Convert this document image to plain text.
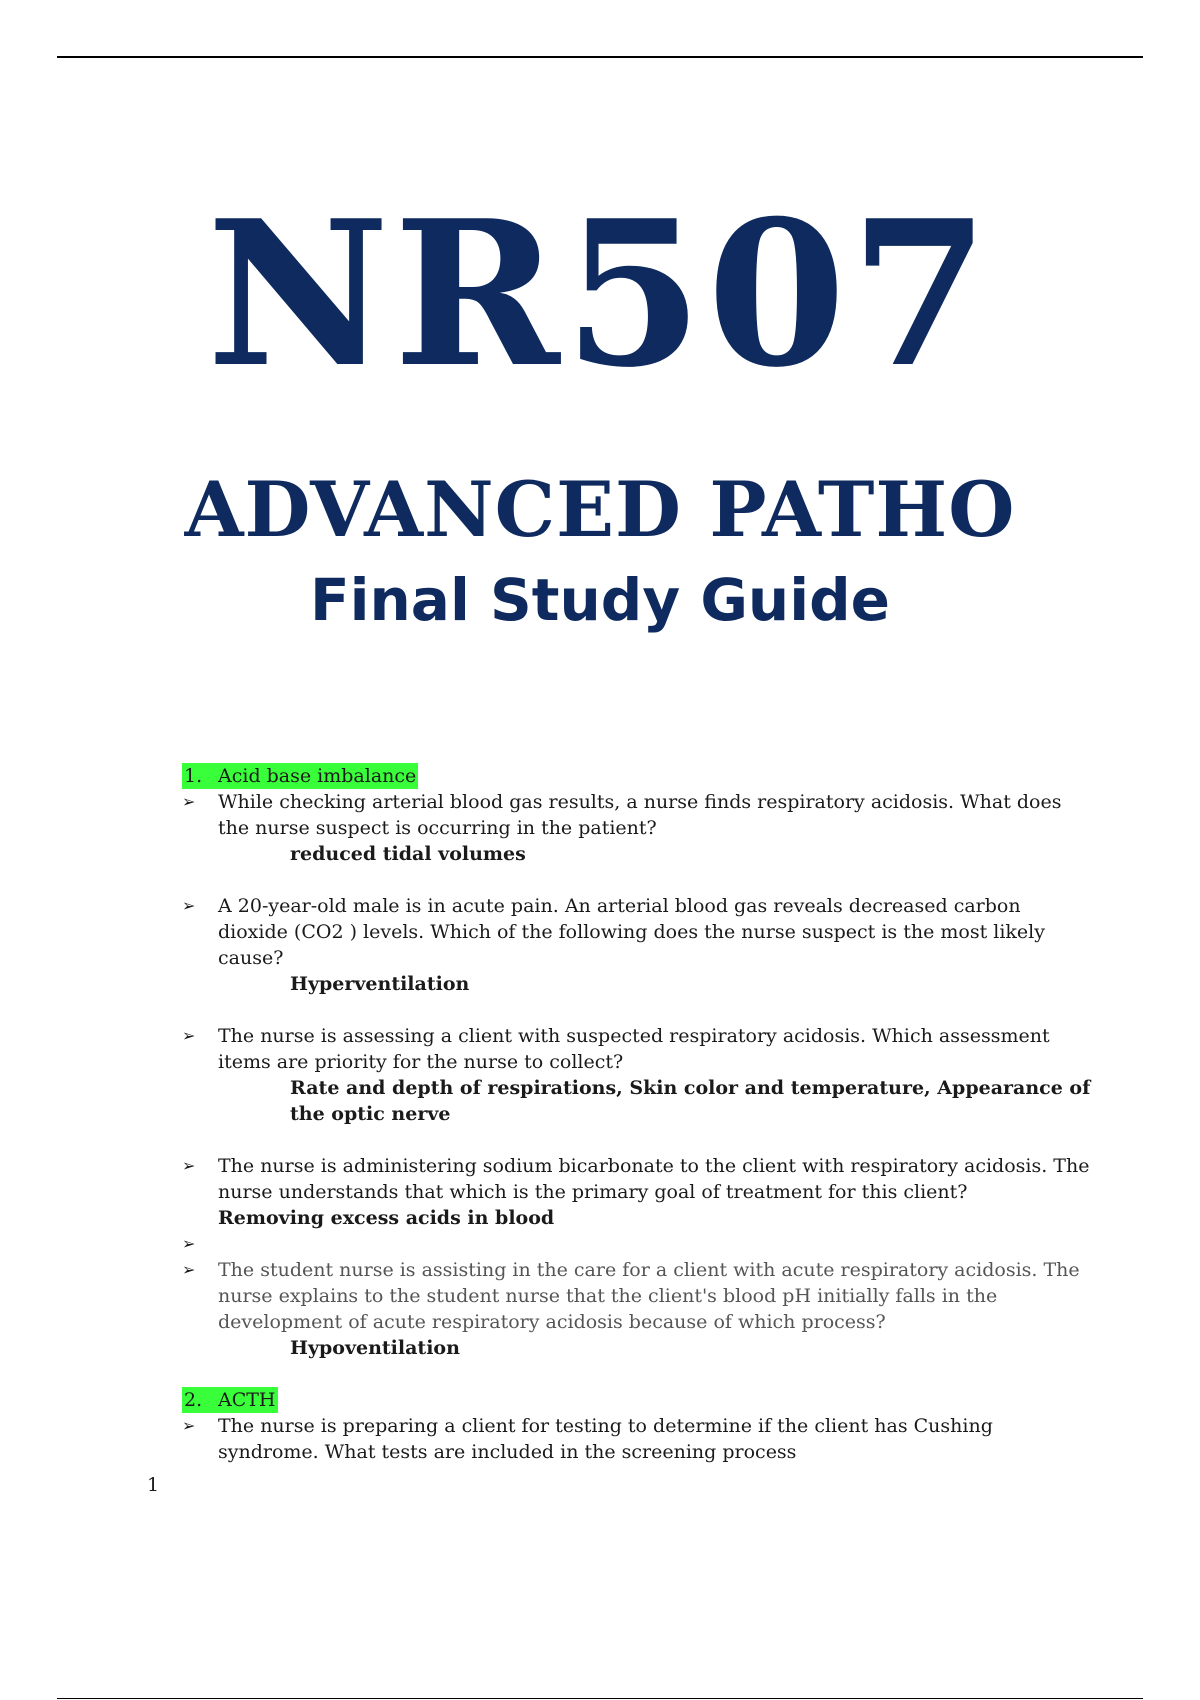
NR507
ADVANCED PATHO
Final Study Guide
1. Acid base imbalance
➢	While checking arterial blood gas results, a nurse finds respiratory acidosis. What does the nurse suspect is occurring in the patient?
reduced tidal volumes
➢	A 20-year-old male is in acute pain. An arterial blood gas reveals decreased carbon dioxide (CO2 ) levels. Which of the following does the nurse suspect is the most likely cause?
Hyperventilation
➢	The nurse is assessing a client with suspected respiratory acidosis. Which assessment items are priority for the nurse to collect?
Rate and depth of respirations, Skin color and temperature, Appearance of the optic nerve
➢	The nurse is administering sodium bicarbonate to the client with respiratory acidosis. The nurse understands that which is the primary goal of treatment for this client?
Removing excess acids in blood
➢

➢	The student nurse is assisting in the care for a client with acute respiratory acidosis. The nurse explains to the student nurse that the client's blood pH initially falls in the development of acute respiratory acidosis because of which process?
Hypoventilation
2. ACTH
➢	The nurse is preparing a client for testing to determine if the client has Cushing syndrome. What tests are included in the screening process
1
